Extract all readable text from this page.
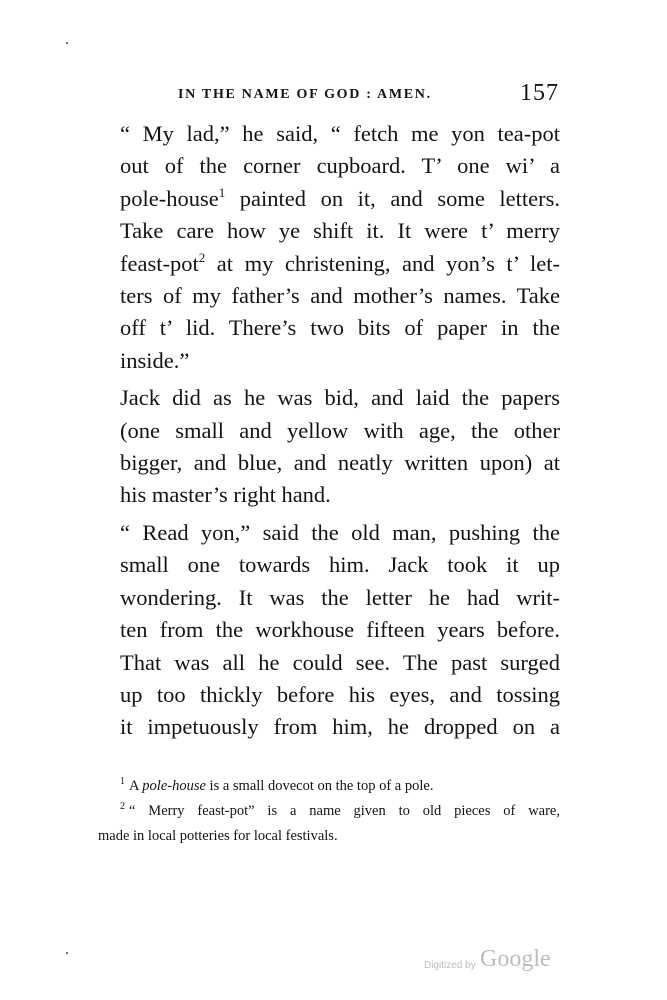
IN THE NAME OF GOD : AMEN.	157

“ My lad,” he said, “ fetch me yon tea-pot
out of the corner cupboard. T’ one wi’ a
pole-house$^1$ painted on it, and some letters.
Take care how ye shift it. It were t’ merry
feast-pot$^2$ at my christening, and yon’s t’ let-
ters of my father’s and mother’s names. Take
off t’ lid. There’s two bits of paper in the
inside.”

Jack did as he was bid, and laid the papers
(one small and yellow with age, the other
bigger, and blue, and neatly written upon) at
his master’s right hand.

“ Read yon,” said the old man, pushing the
small one towards him. Jack took it up
wondering. It was the letter he had writ-
ten from the workhouse fifteen years before.
That was all he could see. The past surged
up too thickly before his eyes, and tossing
it impetuously from him, he dropped on a

$^1$ A pole-house is a small dovecot on the top of a pole.

$^2$ “ Merry feast-pot” is a name given to old pieces of ware,
made in local potteries for local festivals.

Digitized by Google
